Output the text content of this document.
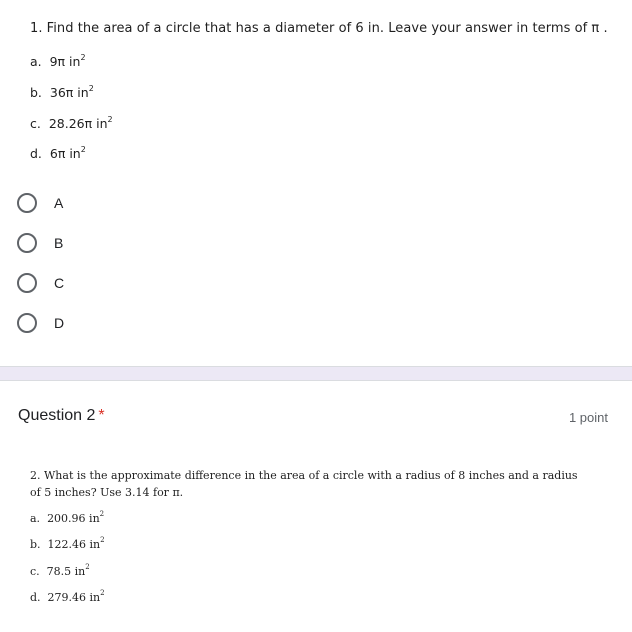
1. Find the area of a circle that has a diameter of 6 in. Leave your answer in terms of π .
a. 9π $in^2$
b. 36π $in^2$
c. 28.26π $in^2$
d. 6π $in^2$
A
B
C
D
Question 2 *	1 point
2. What is the approximate difference in the area of a circle with a radius of 8 inches and a radius of 5 inches? Use 3.14 for π.
a. 200.96 $in^2$
b. 122.46 $in^2$
c. 78.5 $in^2$
d. 279.46 $in^2$
